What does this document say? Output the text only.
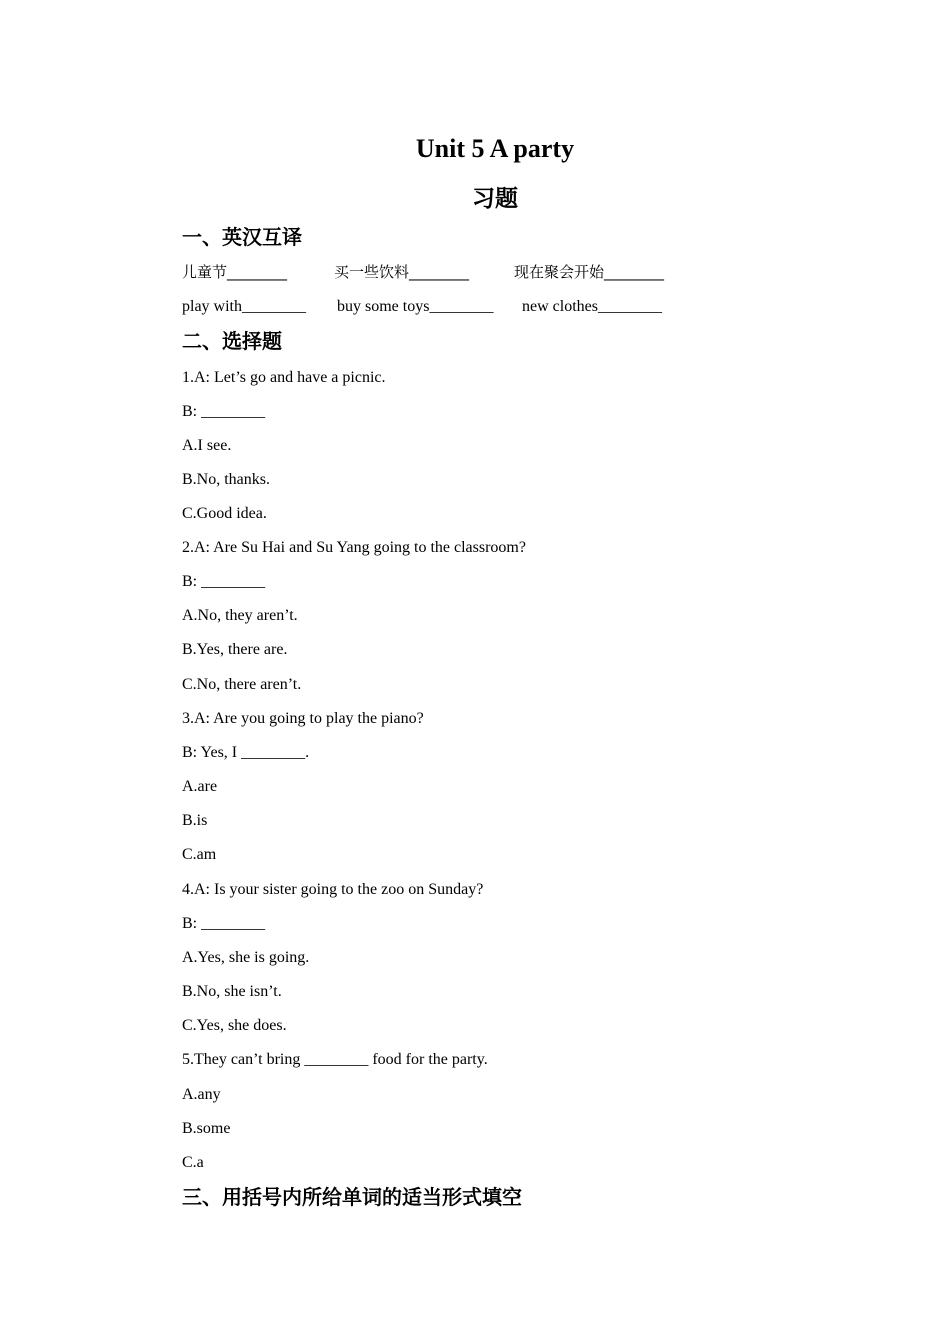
Unit 5 A party
习题
一、英汉互译
儿童节________	买一些饮料________	现在聚会开始________
play with________ buy some toys________ new clothes________
二、选择题
1.A: Let’s go and have a picnic.
B: ________
A.I see.
B.No, thanks.
C.Good idea.
2.A: Are Su Hai and Su Yang going to the classroom?
B: ________
A.No, they aren’t.
B.Yes, there are.
C.No, there aren’t.
3.A: Are you going to play the piano?
B: Yes, I ________.
A.are
B.is
C.am
4.A: Is your sister going to the zoo on Sunday?
B: ________
A.Yes, she is going.
B.No, she isn’t.
C.Yes, she does.
5.They can’t bring ________ food for the party.
A.any
B.some
C.a
三、用括号内所给单词的适当形式填空
